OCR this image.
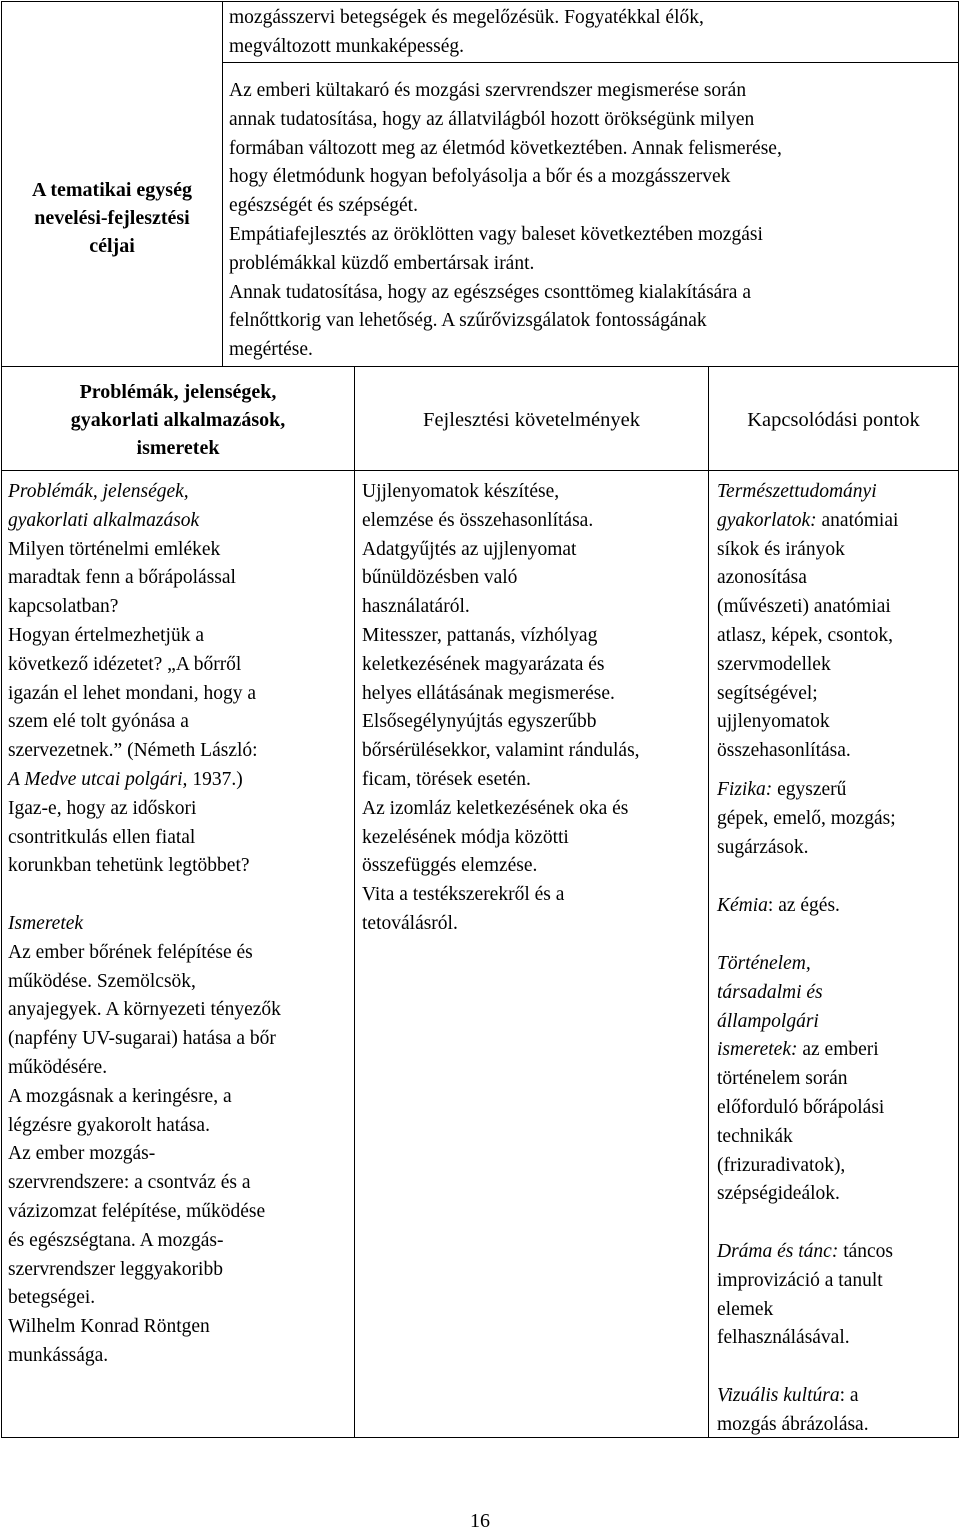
mozgásszervi betegségek és megelőzésük. Fogyatékkal élők,
megváltozott munkaképesség.
A tematikai egység
nevelési-fejlesztési
céljai
Az emberi kültakaró és mozgási szervrendszer megismerése során
annak tudatosítása, hogy az állatvilágból hozott örökségünk milyen
formában változott meg az életmód következtében. Annak felismerése,
hogy életmódunk hogyan befolyásolja a bőr és a mozgásszervek
egészségét és szépségét.
Empátiafejlesztés az öröklötten vagy baleset következtében mozgási
problémákkal küzdő embertársak iránt.
Annak tudatosítása, hogy az egészséges csonttömeg kialakítására a
felnőttkorig van lehetőség. A szűrővizsgálatok fontosságának
megértése.
Problémák, jelenségek,
gyakorlati alkalmazások,
ismeretek
Fejlesztési követelmények	Kapcsolódási pontok
Problémák, jelenségek,
gyakorlati alkalmazások
Milyen történelmi emlékek
maradtak fenn a bőrápolással
kapcsolatban?
Hogyan értelmezhetjük a
következő idézetet? „A bőrről
igazán el lehet mondani, hogy a
szem elé tolt gyónása a
szervezetnek.” (Németh László:
A Medve utcai polgári, 1937.)
Igaz-e, hogy az időskori
csontritkulás ellen fiatal
korunkban tehetünk legtöbbet?
Ismeretek
Az ember bőrének felépítése és
működése. Szemölcsök,
anyajegyek. A környezeti tényezők
(napfény UV-sugarai) hatása a bőr
működésére.
A mozgásnak a keringésre, a
légzésre gyakorolt hatása.
Az ember mozgás-
szervrendszere: a csontváz és a
vázizomzat felépítése, működése
és egészségtana. A mozgás-
szervrendszer leggyakoribb
betegségei.
Wilhelm Konrad Röntgen
munkássága.
Ujjlenyomatok készítése,
elemzése és összehasonlítása.
Adatgyűjtés az ujjlenyomat
bűnüldözésben való
használatáról.
Mitesszer, pattanás, vízhólyag
keletkezésének magyarázata és
helyes ellátásának megismerése.
Elsősegélynyújtás egyszerűbb
bőrsérülésekkor, valamint rándulás,
ficam, törések esetén.
Az izomláz keletkezésének oka és
kezelésének módja közötti
összefüggés elemzése.
Vita a testékszerekről és a
tetoválásról.
Természettudományi
gyakorlatok: anatómiai
síkok és irányok
azonosítása
(művészeti) anatómiai
atlasz, képek, csontok,
szervmodellek
segítségével;
ujjlenyomatok
összehasonlítása.
Fizika: egyszerű
gépek, emelő, mozgás;
sugárzások.
Kémia: az égés.
Történelem,
társadalmi és
állampolgári
ismeretek: az emberi
történelem során
előforduló bőrápolási
technikák
(frizuradivatok),
szépségideálok.
Dráma és tánc: táncos
improvizáció a tanult
elemek
felhasználásával.
Vizuális kultúra: a
mozgás ábrázolása.
16
